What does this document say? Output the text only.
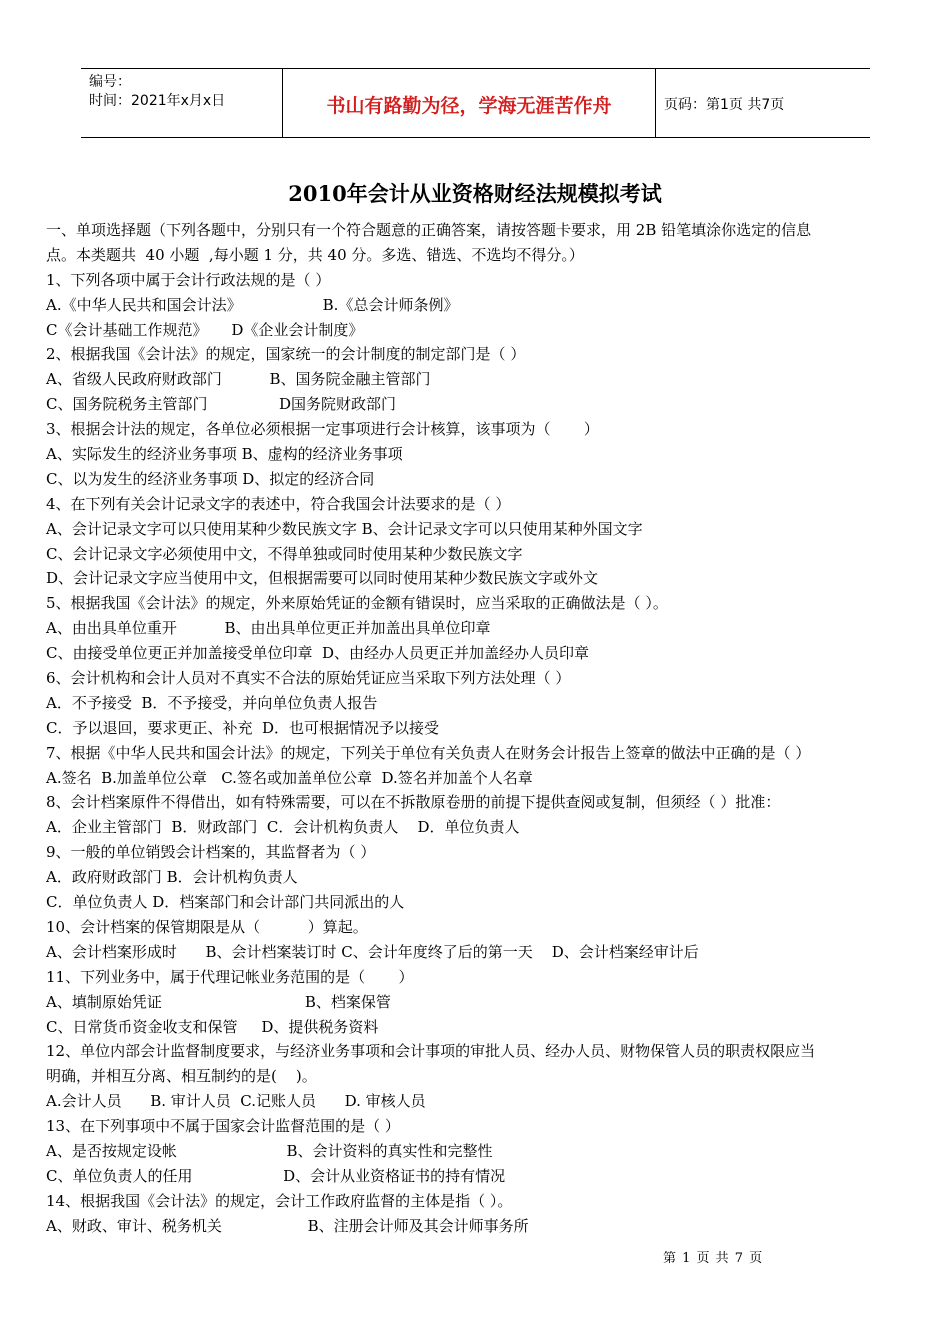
编号：
时间：2021年x月x日	书山有路勤为径，学海无涯苦作舟	页码：第1页 共7页
2010年会计从业资格财经法规模拟考试
一、单项选择题（下列各题中，分别只有一个符合题意的正确答案，请按答题卡要求，用 2B 铅笔填涂你选定的信息
点。本类题共  40 小题  ,每小题 1 分，共 40 分。多选、错选、不选均不得分。）
1、下列各项中属于会计行政法规的是（ ）
A.《中华人民共和国会计法》                 B.《总会计师条例》
C《会计基础工作规范》     D《企业会计制度》
2、根据我国《会计法》的规定，国家统一的会计制度的制定部门是（ ）
A、省级人民政府财政部门          B、国务院金融主管部门
C、国务院税务主管部门               D国务院财政部门
3、根据会计法的规定，各单位必须根据一定事项进行会计核算，该事项为（       ）
A、实际发生的经济业务事项 B、虚构的经济业务事项
C、以为发生的经济业务事项 D、拟定的经济合同
4、在下列有关会计记录文字的表述中，符合我国会计法要求的是（ ）
A、会计记录文字可以只使用某种少数民族文字 B、会计记录文字可以只使用某种外国文字
C、会计记录文字必须使用中文，不得单独或同时使用某种少数民族文字
D、会计记录文字应当使用中文，但根据需要可以同时使用某种少数民族文字或外文
5、根据我国《会计法》的规定，外来原始凭证的金额有错误时，应当采取的正确做法是（ ）。
A、由出具单位重开          B、由出具单位更正并加盖出具单位印章
C、由接受单位更正并加盖接受单位印章  D、由经办人员更正并加盖经办人员印章
6、会计机构和会计人员对不真实不合法的原始凭证应当采取下列方法处理（ ）
A．不予接受  B．不予接受，并向单位负责人报告
C．予以退回，要求更正、补充  D．也可根据情况予以接受
7、根据《中华人民共和国会计法》的规定，下列关于单位有关负责人在财务会计报告上签章的做法中正确的是（ ）
A.签名  B.加盖单位公章   C.签名或加盖单位公章  D.签名并加盖个人名章
8、会计档案原件不得借出，如有特殊需要，可以在不拆散原卷册的前提下提供查阅或复制，但须经（ ）批准：
A．企业主管部门  B．财政部门  C．会计机构负责人    D．单位负责人
9、一般的单位销毁会计档案的，其监督者为（ ）
A．政府财政部门 B．会计机构负责人
C．单位负责人 D．档案部门和会计部门共同派出的人
10、会计档案的保管期限是从（          ）算起。
A、会计档案形成时      B、会计档案装订时 C、会计年度终了后的第一天    D、会计档案经审计后
11、下列业务中，属于代理记帐业务范围的是（       ）
A、填制原始凭证                              B、档案保管
C、日常货币资金收支和保管     D、提供税务资料
12、单位内部会计监督制度要求，与经济业务事项和会计事项的审批人员、经办人员、财物保管人员的职责权限应当
明确，并相互分离、相互制约的是(    )。
A.会计人员      B. 审计人员  C.记账人员      D. 审核人员
13、在下列事项中不属于国家会计监督范围的是（ ）
A、是否按规定设帐                       B、会计资料的真实性和完整性
C、单位负责人的任用                   D、会计从业资格证书的持有情况
14、根据我国《会计法》的规定，会计工作政府监督的主体是指（ ）。
A、财政、审计、税务机关                  B、注册会计师及其会计师事务所
第 1 页 共 7 页
